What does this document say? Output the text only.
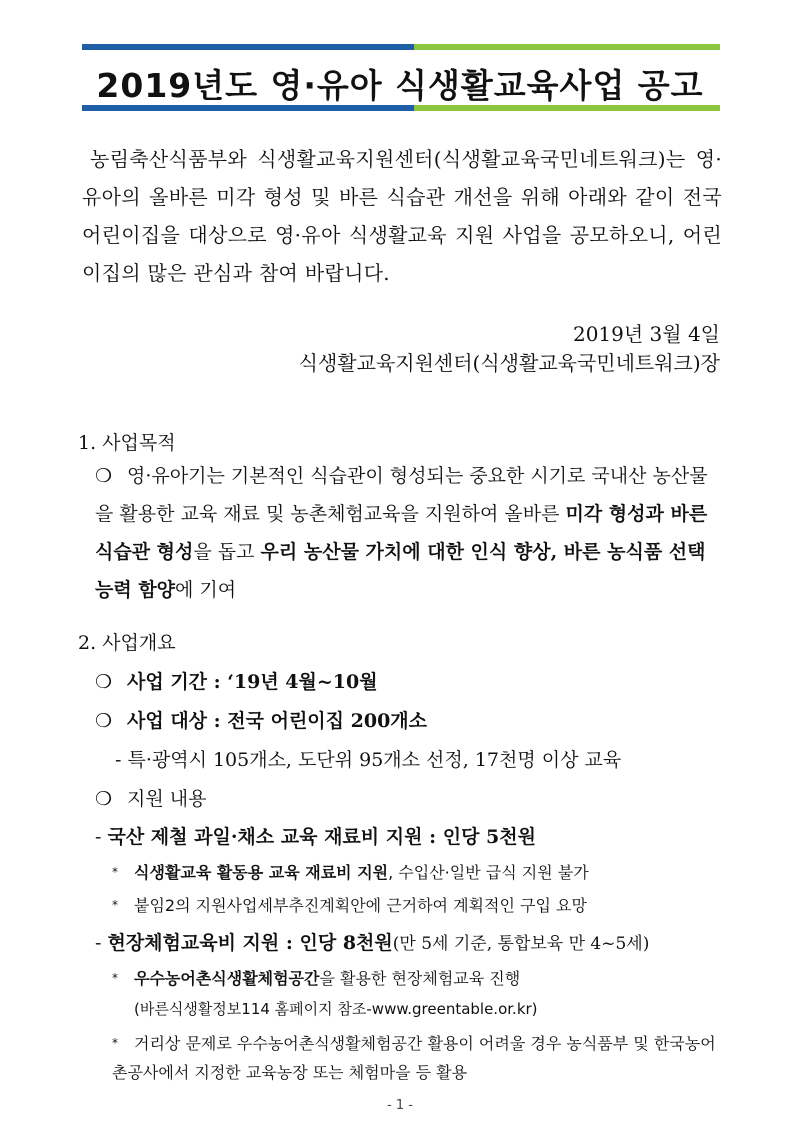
2019년도 영·유아 식생활교육사업 공고

농림축산식품부와 식생활교육지원센터(식생활교육국민네트워크)는 영·유아의 올바른 미각 형성 및 바른 식습관 개선을 위해 아래와 같이 전국 어린이집을 대상으로 영·유아 식생활교육 지원 사업을 공모하오니, 어린이집의 많은 관심과 참여 바랍니다.

2019년 3월 4일
식생활교육지원센터(식생활교육국민네트워크)장
1. 사업목적

❍ 영·유아기는 기본적인 식습관이 형성되는 중요한 시기로 국내산 농산물을 활용한 교육 재료 및 농촌체험교육을 지원하여 올바른 미각 형성과 바른 식습관 형성을 돕고 우리 농산물 가치에 대한 인식 향상, 바른 농식품 선택 능력 함양에 기여

2. 사업개요
❍ 사업 기간 : ‘19년 4월~10월
❍ 사업 대상 : 전국 어린이집 200개소
- 특·광역시 105개소, 도단위 95개소 선정, 17천명 이상 교육
❍ 지원 내용
- 국산 제철 과일·채소 교육 재료비 지원 : 인당 5천원
* 식생활교육 활동용 교육 재료비 지원, 수입산·일반 급식 지원 불가
* 붙임2의 지원사업세부추진계획안에 근거하여 계획적인 구입 요망
- 현장체험교육비 지원 : 인당 8천원(만 5세 기준, 통합보육 만 4~5세)
* 우수농어촌식생활체험공간을 활용한 현장체험교육 진행
(바른식생활정보114 홈페이지 참조-www.greentable.or.kr)
* 거리상 문제로 우수농어촌식생활체험공간 활용이 어려울 경우 농식품부 및 한국농어촌공사에서 지정한 교육농장 또는 체험마을 등 활용
- 1 -
